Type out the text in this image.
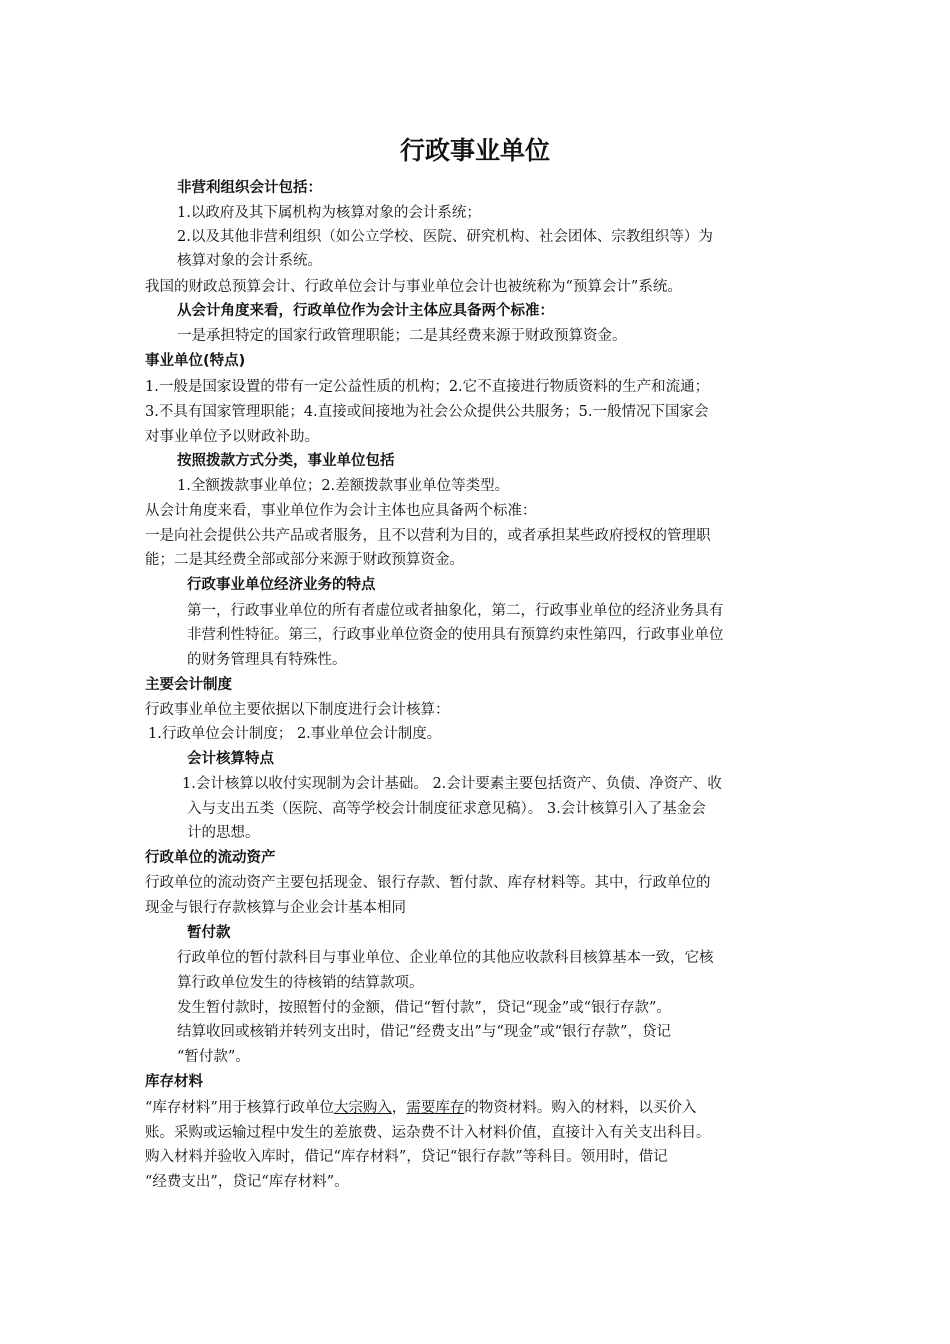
行政事业单位
非营利组织会计包括：
1.以政府及其下属机构为核算对象的会计系统；
2.以及其他非营利组织（如公立学校、医院、研究机构、社会团体、宗教组织等）为
核算对象的会计系统。
我国的财政总预算会计、行政单位会计与事业单位会计也被统称为“预算会计”系统。
从会计角度来看，行政单位作为会计主体应具备两个标准：
一是承担特定的国家行政管理职能；二是其经费来源于财政预算资金。
事业单位(特点)
1.一般是国家设置的带有一定公益性质的机构；2.它不直接进行物质资料的生产和流通；
3.不具有国家管理职能；4.直接或间接地为社会公众提供公共服务；5.一般情况下国家会
对事业单位予以财政补助。
按照拨款方式分类，事业单位包括
1.全额拨款事业单位；2.差额拨款事业单位等类型。
从会计角度来看，事业单位作为会计主体也应具备两个标准：
一是向社会提供公共产品或者服务，且不以营利为目的，或者承担某些政府授权的管理职
能；二是其经费全部或部分来源于财政预算资金。
行政事业单位经济业务的特点
第一，行政事业单位的所有者虚位或者抽象化，第二，行政事业单位的经济业务具有
非营利性特征。第三，行政事业单位资金的使用具有预算约束性第四，行政事业单位
的财务管理具有特殊性。
主要会计制度
行政事业单位主要依据以下制度进行会计核算：
1.行政单位会计制度； 2.事业单位会计制度。
会计核算特点
1.会计核算以收付实现制为会计基础。 2.会计要素主要包括资产、负债、净资产、收
入与支出五类（医院、高等学校会计制度征求意见稿）。 3.会计核算引入了基金会
计的思想。
行政单位的流动资产
行政单位的流动资产主要包括现金、银行存款、暂付款、库存材料等。其中，行政单位的
现金与银行存款核算与企业会计基本相同
暂付款
行政单位的暂付款科目与事业单位、企业单位的其他应收款科目核算基本一致，它核
算行政单位发生的待核销的结算款项。
发生暂付款时，按照暂付的金额，借记“暂付款”，贷记“现金”或“银行存款”。
结算收回或核销并转列支出时，借记“经费支出”与“现金”或“银行存款”，贷记
“暂付款”。
库存材料
“库存材料”用于核算行政单位大宗购入，需要库存的物资材料。购入的材料，以买价入
账。采购或运输过程中发生的差旅费、运杂费不计入材料价值，直接计入有关支出科目。
购入材料并验收入库时，借记“库存材料”，贷记“银行存款”等科目。领用时，借记
“经费支出”，贷记“库存材料”。
